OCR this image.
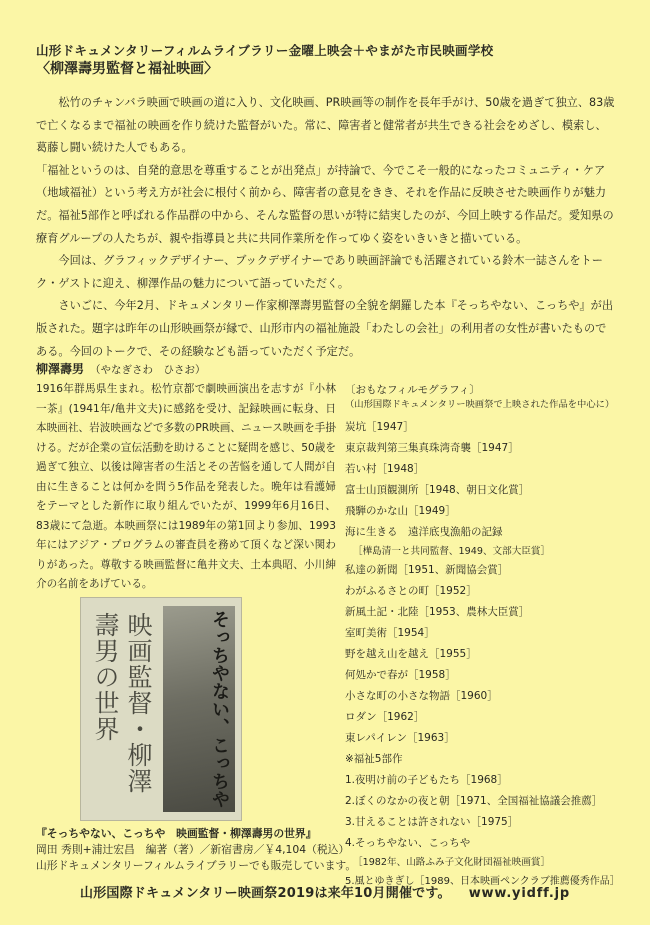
山形ドキュメンタリーフィルムライブラリー金曜上映会＋やまがた市民映画学校
〈柳澤壽男監督と福祉映画〉

松竹のチャンバラ映画で映画の道に入り、文化映画、PR映画等の制作を長年手がけ、50歳を過ぎて独立、83歳で亡くなるまで福祉の映画を作り続けた監督がいた。常に、障害者と健常者が共生できる社会をめざし、模索し、葛藤し闘い続けた人でもある。

「福祉というのは、自発的意思を尊重することが出発点」が持論で、今でこそ一般的になったコミュニティ・ケア（地域福祉）という考え方が社会に根付く前から、障害者の意見をきき、それを作品に反映させた映画作りが魅力だ。福祉5部作と呼ばれる作品群の中から、そんな監督の思いが特に結実したのが、今回上映する作品だ。愛知県の療育グループの人たちが、親や指導員と共に共同作業所を作ってゆく姿をいきいきと描いている。

今回は、グラフィックデザイナー、ブックデザイナーであり映画評論でも活躍されている鈴木一誌さんをトーク・ゲストに迎え、柳澤作品の魅力について語っていただく。

さいごに、今年2月、ドキュメンタリー作家柳澤壽男監督の全貌を網羅した本『そっちやない、こっちや』が出版された。題字は昨年の山形映画祭が縁で、山形市内の福祉施設「わたしの会社」の利用者の女性が書いたものである。今回のトークで、その経験なども語っていただく予定だ。

柳澤壽男 （やなぎさわ　ひさお）

1916年群馬県生まれ。松竹京都で劇映画演出を志すが『小林一茶』(1941年/亀井文夫)に感銘を受け、記録映画に転身、日本映画社、岩波映画などで多数のPR映画、ニュース映画を手掛ける。だが企業の宣伝活動を助けることに疑問を感じ、50歳を過ぎて独立、以後は障害者の生活とその苦悩を通して人間が自由に生きることは何かを問う5作品を発表した。晩年は看護婦をテーマとした新作に取り組んでいたが、1999年6月16日、83歳にて急逝。本映画祭には1989年の第1回より参加、1993年にはアジア・プログラムの審査員を務めて頂くなど深い関わりがあった。尊敬する映画監督に亀井文夫、土本典昭、小川紳介の名前をあげている。

映画監督・柳澤壽男の世界	そっちやない、こっちや
『そっちやない、こっちや　映画監督・柳澤壽男の世界』
岡田 秀則+浦辻宏昌　編著（著）／新宿書房／￥4,104（税込）
山形ドキュメンタリーフィルムライブラリーでも販売しています。
〔おもなフィルモグラフィ〕
（山形国際ドキュメンタリー映画祭で上映された作品を中心に）
炭坑［1947］
東京裁判第三集真珠湾奇襲［1947］
若い村［1948］
富士山頂観測所［1948、朝日文化賞］
飛騨のかな山［1949］
海に生きる　遠洋底曳漁船の記録
［樺島清一と共同監督、1949、文部大臣賞］
私達の新聞［1951、新聞協会賞］
わがふるさとの町［1952］
新風土記・北陸［1953、農林大臣賞］
室町美術［1954］
野を越え山を越え［1955］
何処かで春が［1958］
小さな町の小さな物語［1960］
ロダン［1962］
東レパイレン［1963］
※福祉5部作
1.夜明け前の子どもたち［1968］
2.ぼくのなかの夜と朝［1971、全国福祉協議会推薦］
3.甘えることは許されない［1975］
4.そっちやない、こっちや
［1982年、山路ふみ子文化財団福祉映画賞］
5.風とゆきぎし［1989、日本映画ペンクラブ推薦優秀作品］
山形国際ドキュメンタリー映画祭2019は来年10月開催です。 www.yidff.jp
